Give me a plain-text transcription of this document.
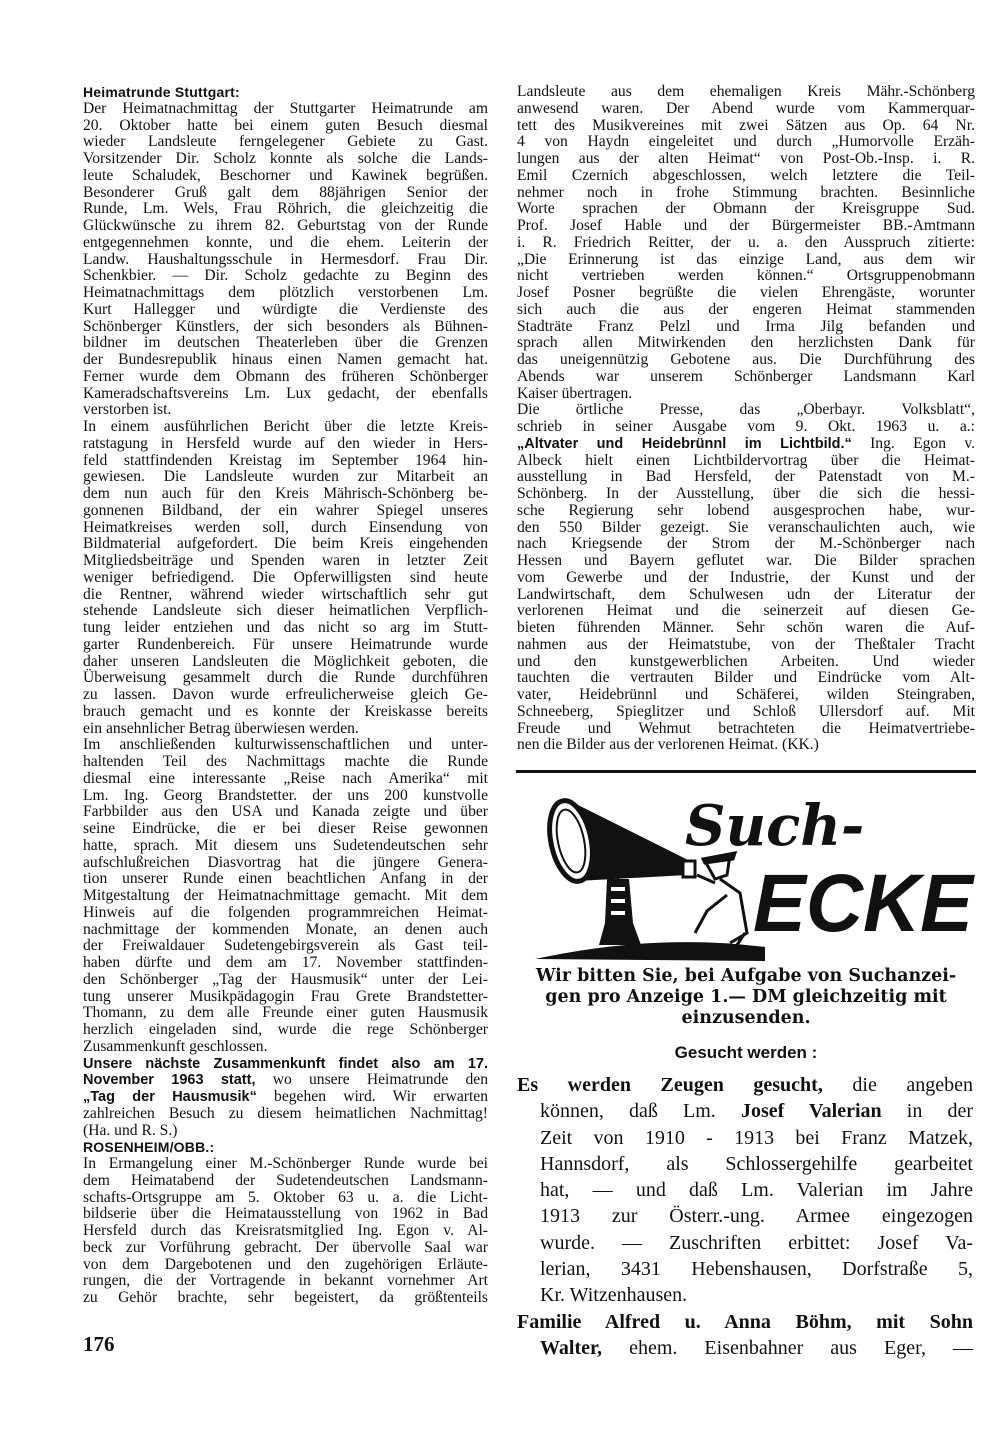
Heimatrunde Stuttgart:
Der Heimatnachmittag der Stuttgarter Heimatrunde am
20. Oktober hatte bei einem guten Besuch diesmal
wieder Landsleute ferngelegener Gebiete zu Gast.
Vorsitzender Dir. Scholz konnte als solche die Lands-
leute Schaludek, Beschorner und Kawinek begrüßen.
Besonderer Gruß galt dem 88jährigen Senior der
Runde, Lm. Wels, Frau Röhrich, die gleichzeitig die
Glückwünsche zu ihrem 82. Geburtstag von der Runde
entgegennehmen konnte, und die ehem. Leiterin der
Landw. Haushaltungsschule in Hermesdorf. Frau Dir.
Schenkbier. — Dir. Scholz gedachte zu Beginn des
Heimatnachmittags dem plötzlich verstorbenen Lm.
Kurt Hallegger und würdigte die Verdienste des
Schönberger Künstlers, der sich besonders als Bühnen-
bildner im deutschen Theaterleben über die Grenzen
der Bundesrepublik hinaus einen Namen gemacht hat.
Ferner wurde dem Obmann des früheren Schönberger
Kameradschaftsvereins Lm. Lux gedacht, der ebenfalls
verstorben ist.
In einem ausführlichen Bericht über die letzte Kreis-
ratstagung in Hersfeld wurde auf den wieder in Hers-
feld stattfindenden Kreistag im September 1964 hin-
gewiesen. Die Landsleute wurden zur Mitarbeit an
dem nun auch für den Kreis Mährisch-Schönberg be-
gonnenen Bildband, der ein wahrer Spiegel unseres
Heimatkreises werden soll, durch Einsendung von
Bildmaterial aufgefordert. Die beim Kreis eingehenden
Mitgliedsbeiträge und Spenden waren in letzter Zeit
weniger befriedigend. Die Opferwilligsten sind heute
die Rentner, während wieder wirtschaftlich sehr gut
stehende Landsleute sich dieser heimatlichen Verpflich-
tung leider entziehen und das nicht so arg im Stutt-
garter Rundenbereich. Für unsere Heimatrunde wurde
daher unseren Landsleuten die Möglichkeit geboten, die
Überweisung gesammelt durch die Runde durchführen
zu lassen. Davon wurde erfreulicherweise gleich Ge-
brauch gemacht und es konnte der Kreiskasse bereits
ein ansehnlicher Betrag überwiesen werden.
Im anschließenden kulturwissenschaftlichen und unter-
haltenden Teil des Nachmittags machte die Runde
diesmal eine interessante „Reise nach Amerika“ mit
Lm. Ing. Georg Brandstetter. der uns 200 kunstvolle
Farbbilder aus den USA und Kanada zeigte und über
seine Eindrücke, die er bei dieser Reise gewonnen
hatte, sprach. Mit diesem uns Sudetendeutschen sehr
aufschlußreichen Diasvortrag hat die jüngere Genera-
tion unserer Runde einen beachtlichen Anfang in der
Mitgestaltung der Heimatnachmittage gemacht. Mit dem
Hinweis auf die folgenden programmreichen Heimat-
nachmittage der kommenden Monate, an denen auch
der Freiwaldauer Sudetengebirgsverein als Gast teil-
haben dürfte und dem am 17. November stattfinden-
den Schönberger „Tag der Hausmusik“ unter der Lei-
tung unserer Musikpädagogin Frau Grete Brandstetter-
Thomann, zu dem alle Freunde einer guten Hausmusik
herzlich eingeladen sind, wurde die rege Schönberger
Zusammenkunft geschlossen.
Unsere nächste Zusammenkunft findet also am 17.
November 1963 statt, wo unsere Heimatrunde den
„Tag der Hausmusik“ begehen wird. Wir erwarten
zahlreichen Besuch zu diesem heimatlichen Nachmittag!
(Ha. und R. S.)
ROSENHEIM/OBB.:
In Ermangelung einer M.-Schönberger Runde wurde bei
dem Heimatabend der Sudetendeutschen Landsmann-
schafts-Ortsgruppe am 5. Oktober 63 u. a. die Licht-
bildserie über die Heimatausstellung von 1962 in Bad
Hersfeld durch das Kreisratsmitglied Ing. Egon v. Al-
beck zur Vorführung gebracht. Der übervolle Saal war
von dem Dargebotenen und den zugehörigen Erläute-
rungen, die der Vortragende in bekannt vornehmer Art
zu Gehör brachte, sehr begeistert, da größtenteils
Landsleute aus dem ehemaligen Kreis Mähr.-Schönberg
anwesend waren. Der Abend wurde vom Kammerquar-
tett des Musikvereines mit zwei Sätzen aus Op. 64 Nr.
4 von Haydn eingeleitet und durch „Humorvolle Erzäh-
lungen aus der alten Heimat“ von Post-Ob.-Insp. i. R.
Emil Czernich abgeschlossen, welch letztere die Teil-
nehmer noch in frohe Stimmung brachten. Besinnliche
Worte sprachen der Obmann der Kreisgruppe Sud.
Prof. Josef Hable und der Bürgermeister BB.-Amtmann
i. R. Friedrich Reitter, der u. a. den Ausspruch zitierte:
„Die Erinnerung ist das einzige Land, aus dem wir
nicht vertrieben werden können.“ Ortsgruppenobmann
Josef Posner begrüßte die vielen Ehrengäste, worunter
sich auch die aus der engeren Heimat stammenden
Stadträte Franz Pelzl und Irma Jilg befanden und
sprach allen Mitwirkenden den herzlichsten Dank für
das uneigennützig Gebotene aus. Die Durchführung des
Abends war unserem Schönberger Landsmann Karl
Kaiser übertragen.
Die örtliche Presse, das „Oberbayr. Volksblatt“,
schrieb in seiner Ausgabe vom 9. Okt. 1963 u. a.:
„Altvater und Heidebrünnl im Lichtbild.“ Ing. Egon v.
Albeck hielt einen Lichtbildervortrag über die Heimat-
ausstellung in Bad Hersfeld, der Patenstadt von M.-
Schönberg. In der Ausstellung, über die sich die hessi-
sche Regierung sehr lobend ausgesprochen habe, wur-
den 550 Bilder gezeigt. Sie veranschaulichten auch, wie
nach Kriegsende der Strom der M.-Schönberger nach
Hessen und Bayern geflutet war. Die Bilder sprachen
vom Gewerbe und der Industrie, der Kunst und der
Landwirtschaft, dem Schulwesen udn der Literatur der
verlorenen Heimat und die seinerzeit auf diesen Ge-
bieten führenden Männer. Sehr schön waren die Auf-
nahmen aus der Heimatstube, von der Theßtaler Tracht
und den kunstgewerblichen Arbeiten. Und wieder
tauchten die vertrauten Bilder und Eindrücke vom Alt-
vater, Heidebrünnl und Schäferei, wilden Steingraben,
Schneeberg, Spieglitzer und Schloß Ullersdorf auf. Mit
Freude und Wehmut betrachteten die Heimatvertriebe-
nen die Bilder aus der verlorenen Heimat. (KK.)
Such-
ECKE
Wir bitten Sie, bei Aufgabe von Suchanzei-
gen pro Anzeige 1.— DM gleichzeitig mit
einzusenden.
Gesucht werden :
Es werden Zeugen gesucht, die angeben
können, daß Lm. Josef Valerian in der
Zeit von 1910 - 1913 bei Franz Matzek,
Hannsdorf, als Schlossergehilfe gearbeitet
hat, — und daß Lm. Valerian im Jahre
1913 zur Österr.-ung. Armee eingezogen
wurde. — Zuschriften erbittet: Josef Va-
lerian, 3431 Hebenshausen, Dorfstraße 5,
Kr. Witzenhausen.
Familie Alfred u. Anna Böhm, mit Sohn
Walter, ehem. Eisenbahner aus Eger, —
176
